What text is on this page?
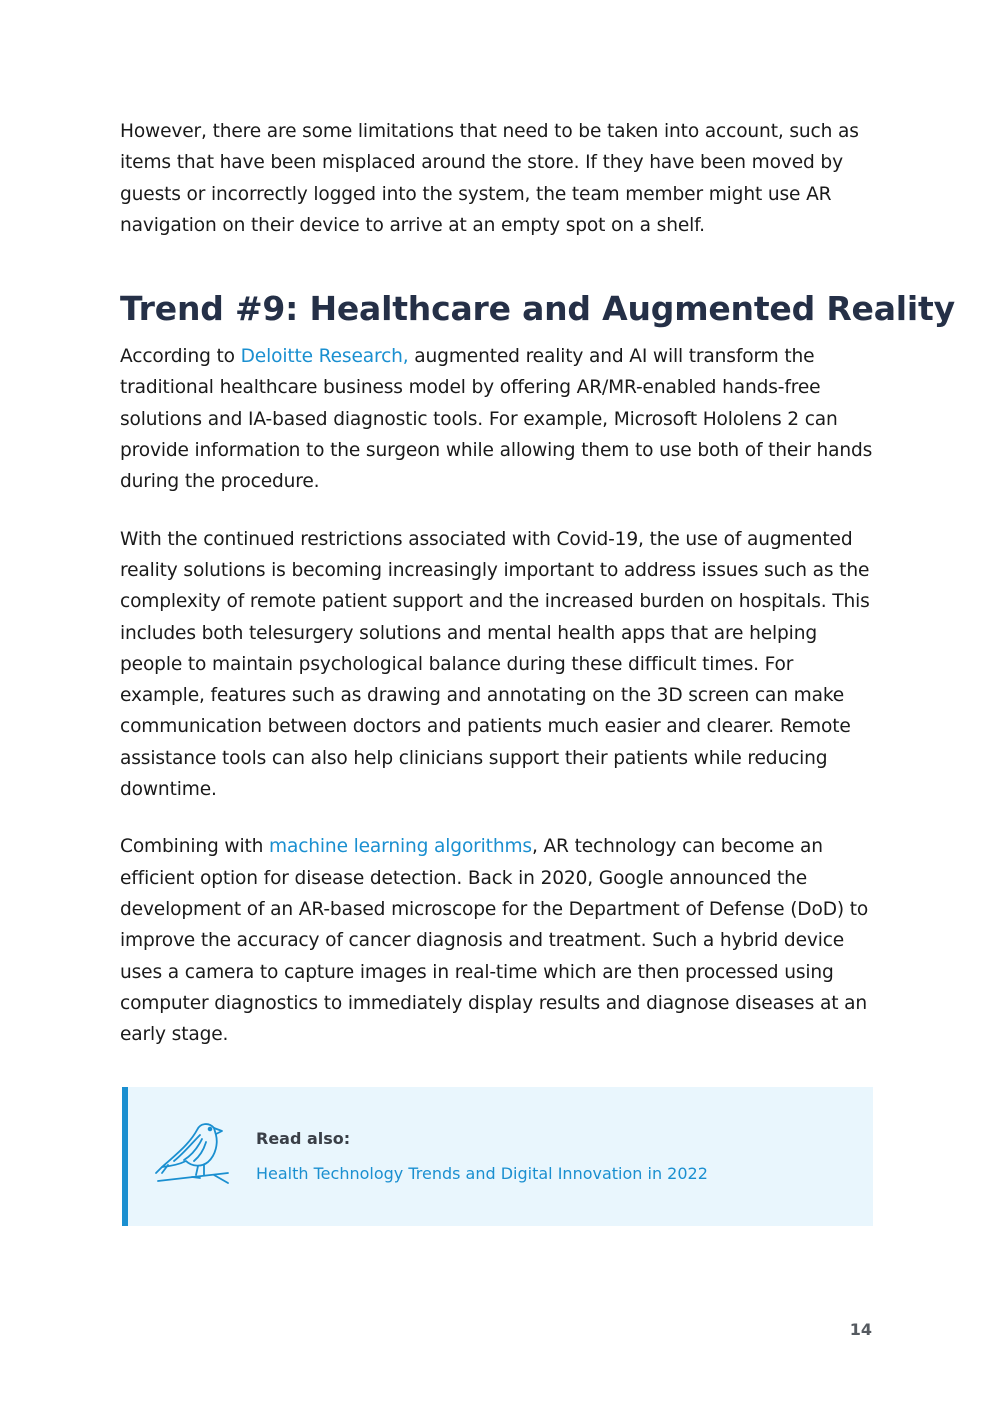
However, there are some limitations that need to be taken into account, such as items that have been misplaced around the store. If they have been moved by guests or incorrectly logged into the system, the team member might use AR navigation on their device to arrive at an empty spot on a shelf.

Trend #9: Healthcare and Augmented Reality

According to Deloitte Research, augmented reality and AI will transform the traditional healthcare business model by offering AR/MR-enabled hands-free solutions and IA-based diagnostic tools. For example, Microsoft Hololens 2 can provide information to the surgeon while allowing them to use both of their hands during the procedure.

With the continued restrictions associated with Covid-19, the use of augmented reality solutions is becoming increasingly important to address issues such as the complexity of remote patient support and the increased burden on hospitals. This includes both telesurgery solutions and mental health apps that are helping people to maintain psychological balance during these difficult times. For example, features such as drawing and annotating on the 3D screen can make communication between doctors and patients much easier and clearer. Remote assistance tools can also help clinicians support their patients while reducing downtime.

Combining with machine learning algorithms, AR technology can become an efficient option for disease detection. Back in 2020, Google announced the development of an AR-based microscope for the Department of Defense (DoD) to improve the accuracy of cancer diagnosis and treatment. Such a hybrid device uses a camera to capture images in real-time which are then processed using computer diagnostics to immediately display results and diagnose diseases at an early stage.

Read also:
Health Technology Trends and Digital Innovation in 2022
14
